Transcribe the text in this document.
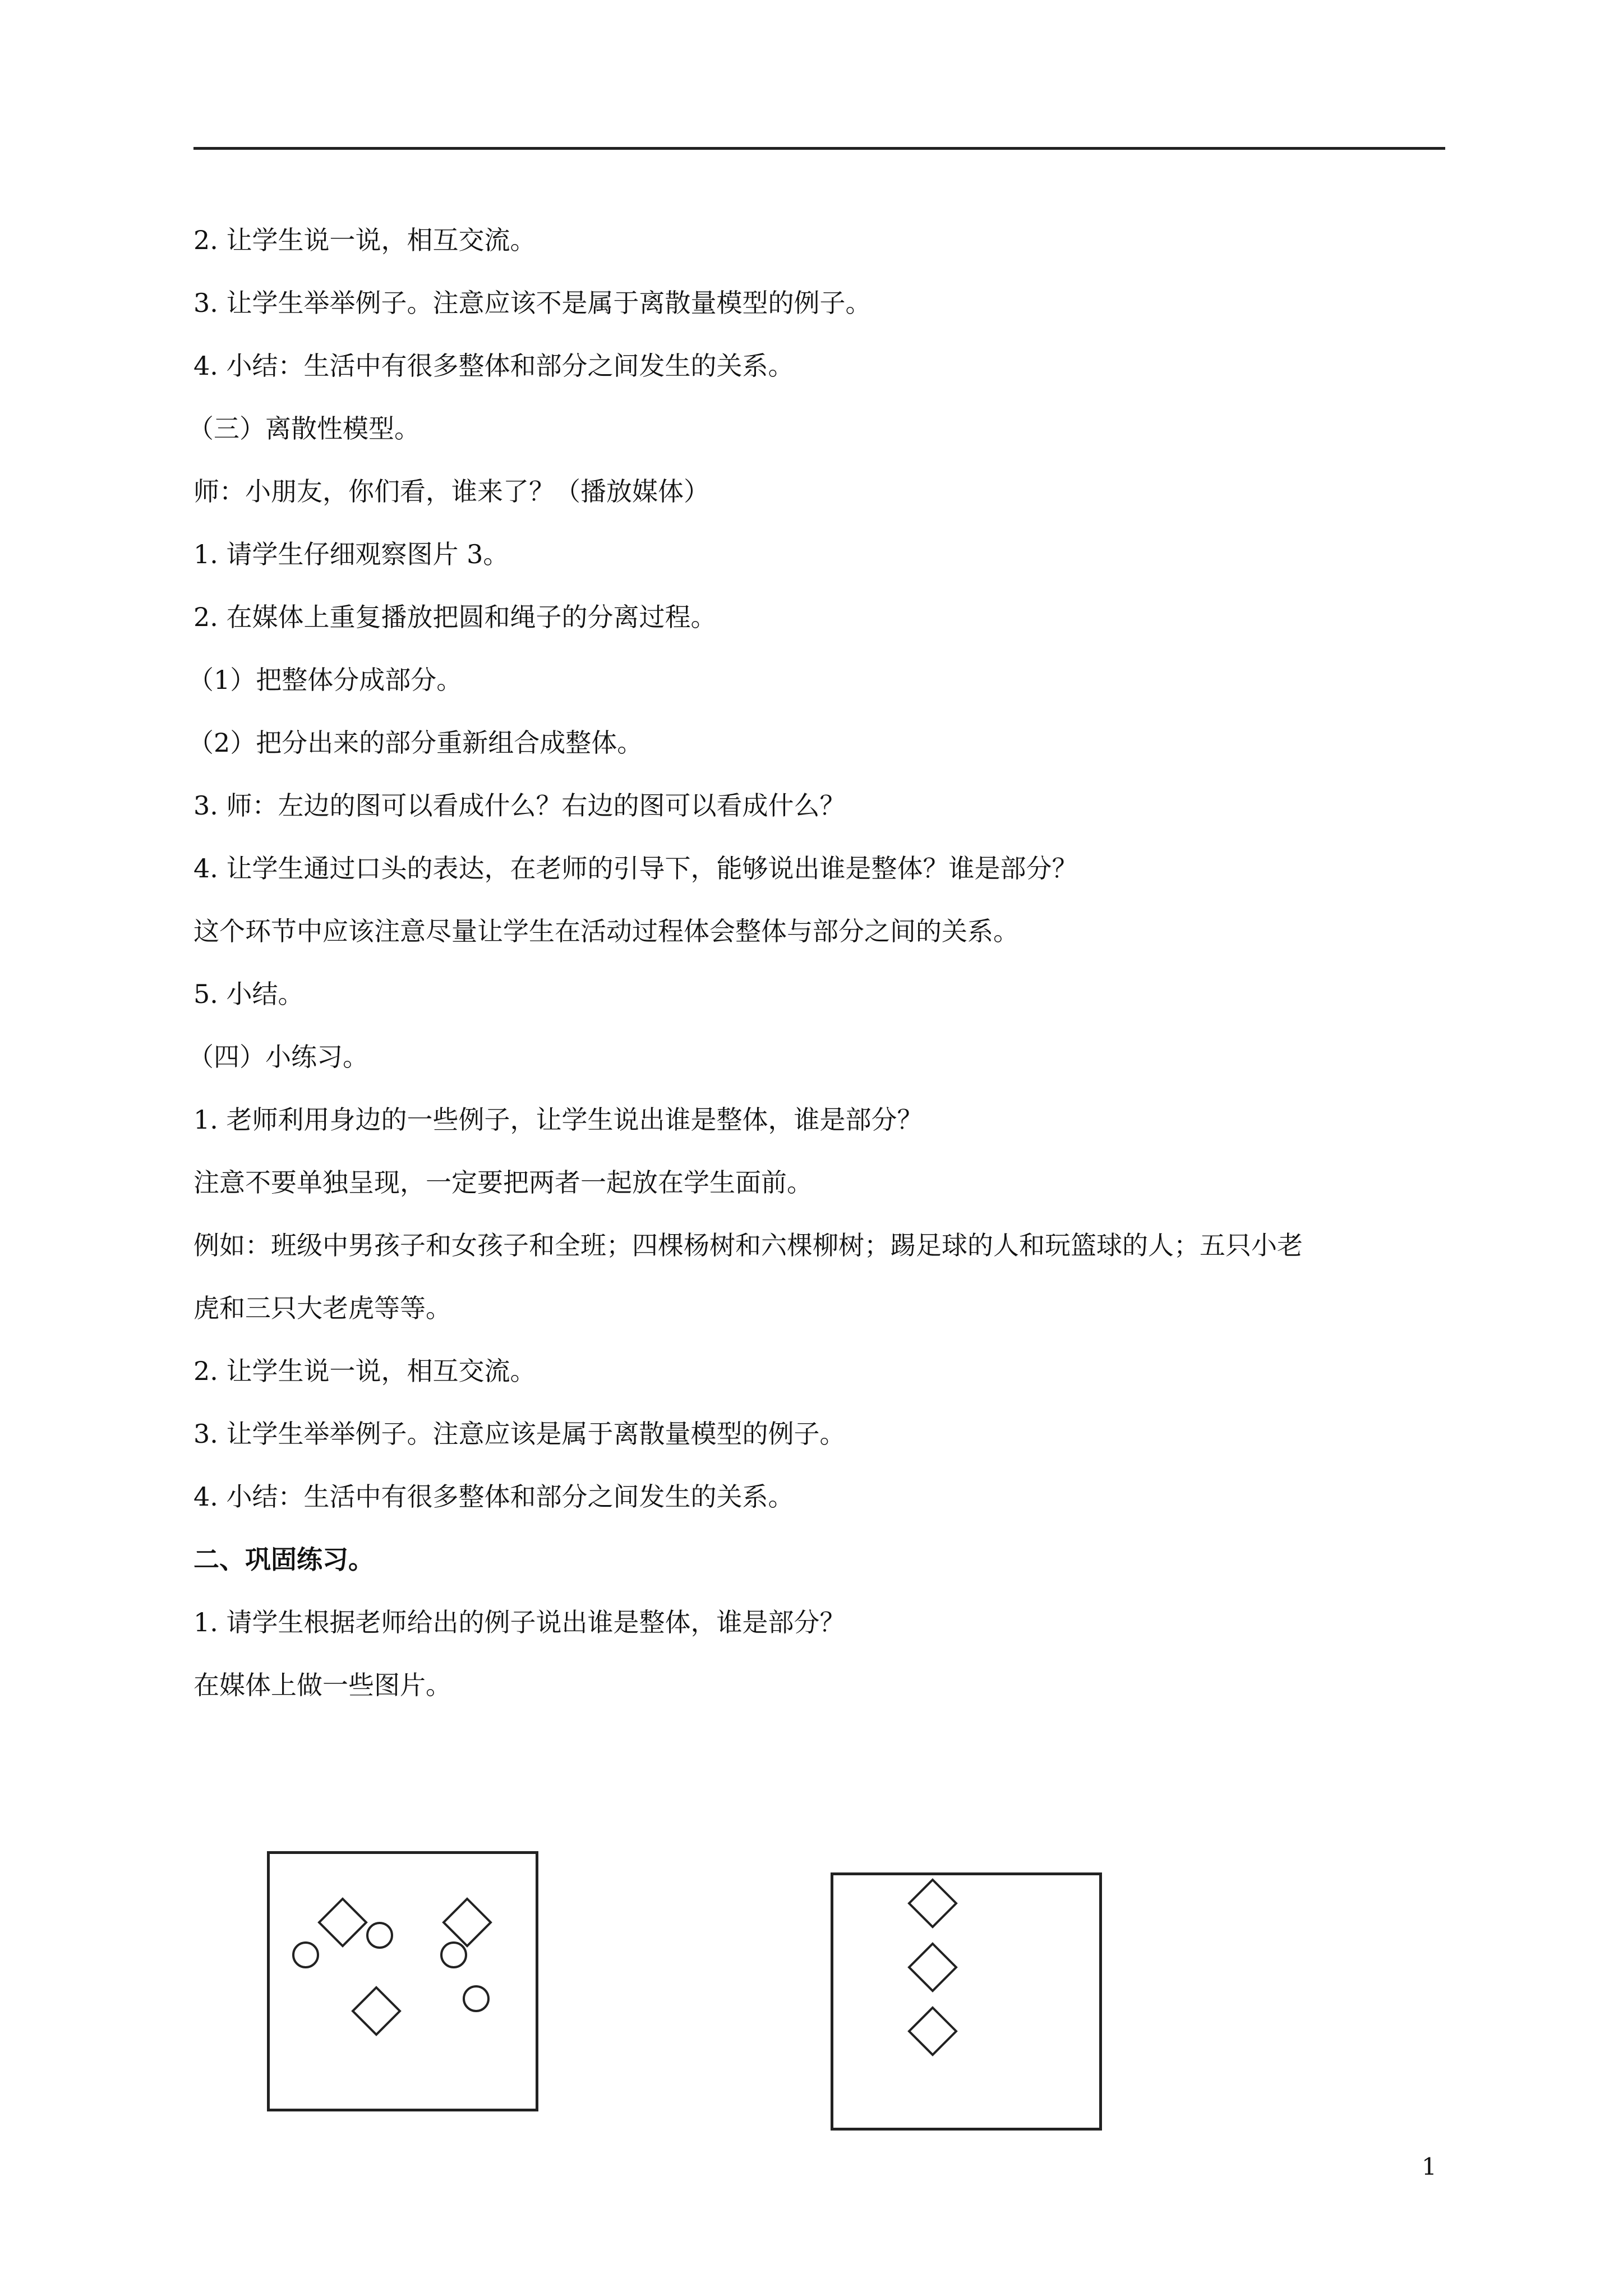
2. 让学生说一说，相互交流。

3. 让学生举举例子。注意应该不是属于离散量模型的例子。

4. 小结：生活中有很多整体和部分之间发生的关系。

（三）离散性模型。

师：小朋友，你们看，谁来了？（播放媒体）

1. 请学生仔细观察图片 3。

2. 在媒体上重复播放把圆和绳子的分离过程。

（1）把整体分成部分。

（2）把分出来的部分重新组合成整体。

3. 师：左边的图可以看成什么？右边的图可以看成什么？

4. 让学生通过口头的表达，在老师的引导下，能够说出谁是整体？谁是部分？

这个环节中应该注意尽量让学生在活动过程体会整体与部分之间的关系。

5. 小结。

（四）小练习。

1. 老师利用身边的一些例子，让学生说出谁是整体，谁是部分？

注意不要单独呈现，一定要把两者一起放在学生面前。

例如：班级中男孩子和女孩子和全班；四棵杨树和六棵柳树；踢足球的人和玩篮球的人；五只小老

虎和三只大老虎等等。

2. 让学生说一说，相互交流。

3. 让学生举举例子。注意应该是属于离散量模型的例子。

4. 小结：生活中有很多整体和部分之间发生的关系。

二、巩固练习。

1. 请学生根据老师给出的例子说出谁是整体，谁是部分？

在媒体上做一些图片。

1
